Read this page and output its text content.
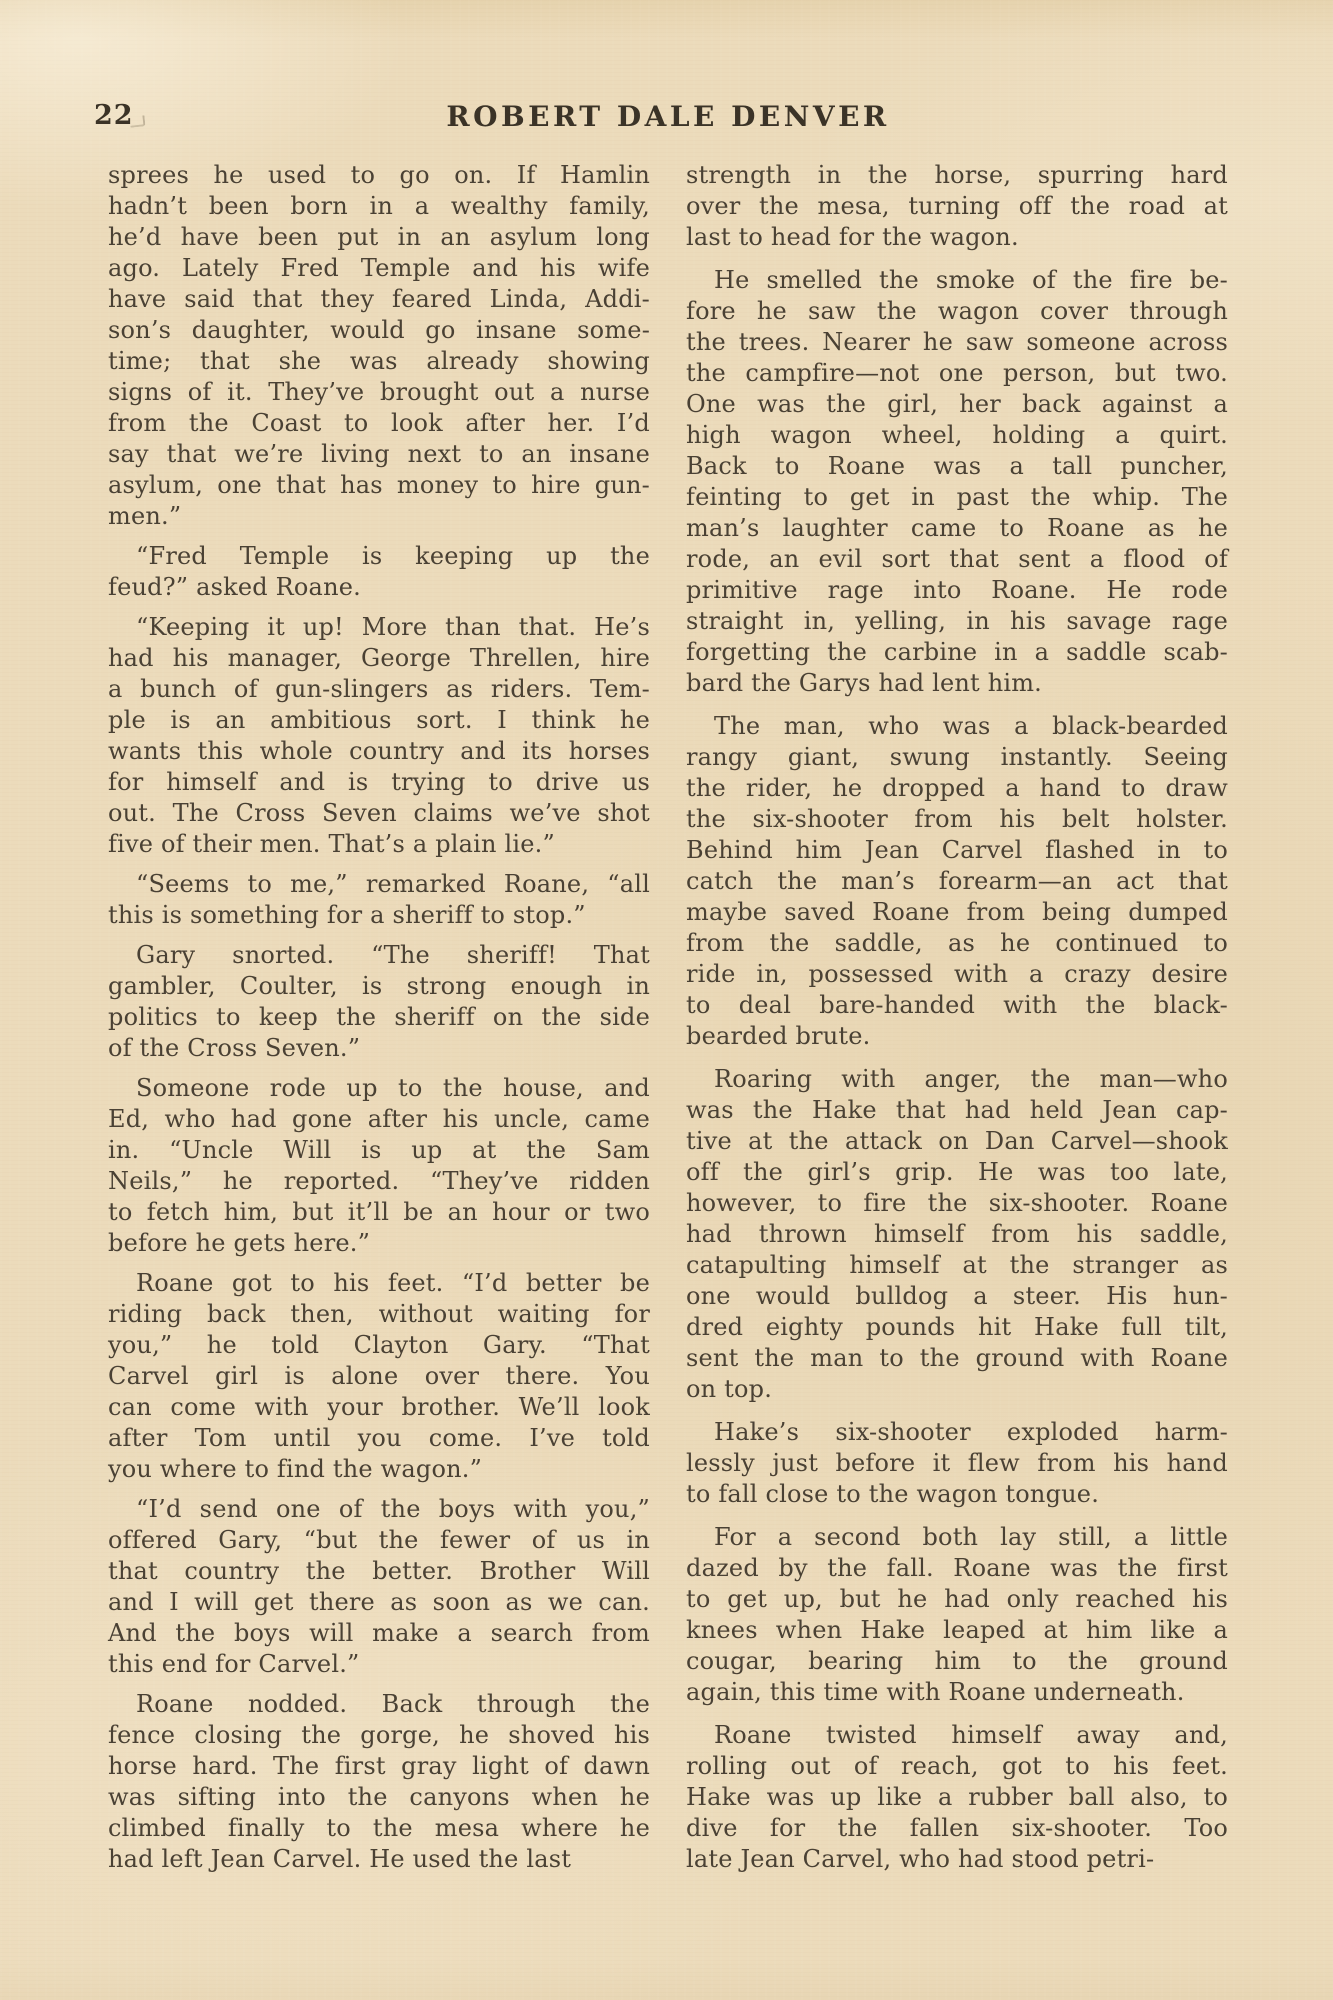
22	ROBERT DALE DENVER

sprees he used to go on. If Hamlin
hadn’t been born in a wealthy family,
he’d have been put in an asylum long
ago. Lately Fred Temple and his wife
have said that they feared Linda, Addi-
son’s daughter, would go insane some-
time; that she was already showing
signs of it. They’ve brought out a nurse
from the Coast to look after her. I’d
say that we’re living next to an insane
asylum, one that has money to hire gun-
men.”

“Fred Temple is keeping up the
feud?” asked Roane.

“Keeping it up! More than that. He’s
had his manager, George Threllen, hire
a bunch of gun-slingers as riders. Tem-
ple is an ambitious sort. I think he
wants this whole country and its horses
for himself and is trying to drive us
out. The Cross Seven claims we’ve shot
five of their men. That’s a plain lie.”

“Seems to me,” remarked Roane, “all
this is something for a sheriff to stop.”

Gary snorted. “The sheriff! That
gambler, Coulter, is strong enough in
politics to keep the sheriff on the side
of the Cross Seven.”

Someone rode up to the house, and
Ed, who had gone after his uncle, came
in. “Uncle Will is up at the Sam
Neils,” he reported. “They’ve ridden
to fetch him, but it’ll be an hour or two
before he gets here.”

Roane got to his feet. “I’d better be
riding back then, without waiting for
you,” he told Clayton Gary. “That
Carvel girl is alone over there. You
can come with your brother. We’ll look
after Tom until you come. I’ve told
you where to find the wagon.”

“I’d send one of the boys with you,”
offered Gary, “but the fewer of us in
that country the better. Brother Will
and I will get there as soon as we can.
And the boys will make a search from
this end for Carvel.”

Roane nodded. Back through the
fence closing the gorge, he shoved his
horse hard. The first gray light of dawn
was sifting into the canyons when he
climbed finally to the mesa where he
had left Jean Carvel. He used the last

strength in the horse, spurring hard
over the mesa, turning off the road at
last to head for the wagon.

He smelled the smoke of the fire be-
fore he saw the wagon cover through
the trees. Nearer he saw someone across
the campfire—not one person, but two.
One was the girl, her back against a
high wagon wheel, holding a quirt.
Back to Roane was a tall puncher,
feinting to get in past the whip. The
man’s laughter came to Roane as he
rode, an evil sort that sent a flood of
primitive rage into Roane. He rode
straight in, yelling, in his savage rage
forgetting the carbine in a saddle scab-
bard the Garys had lent him.

The man, who was a black-bearded
rangy giant, swung instantly. Seeing
the rider, he dropped a hand to draw
the six-shooter from his belt holster.
Behind him Jean Carvel flashed in to
catch the man’s forearm—an act that
maybe saved Roane from being dumped
from the saddle, as he continued to
ride in, possessed with a crazy desire
to deal bare-handed with the black-
bearded brute.

Roaring with anger, the man—who
was the Hake that had held Jean cap-
tive at the attack on Dan Carvel—shook
off the girl’s grip. He was too late,
however, to fire the six-shooter. Roane
had thrown himself from his saddle,
catapulting himself at the stranger as
one would bulldog a steer. His hun-
dred eighty pounds hit Hake full tilt,
sent the man to the ground with Roane
on top.

Hake’s six-shooter exploded harm-
lessly just before it flew from his hand
to fall close to the wagon tongue.

For a second both lay still, a little
dazed by the fall. Roane was the first
to get up, but he had only reached his
knees when Hake leaped at him like a
cougar, bearing him to the ground
again, this time with Roane underneath.

Roane twisted himself away and,
rolling out of reach, got to his feet.
Hake was up like a rubber ball also, to
dive for the fallen six-shooter. Too
late Jean Carvel, who had stood petri-
